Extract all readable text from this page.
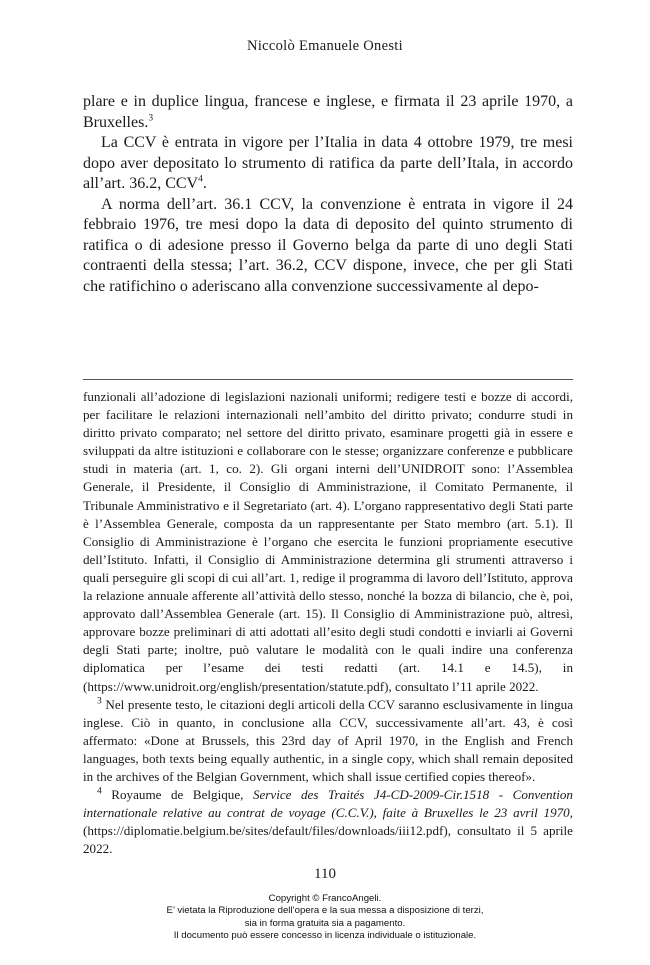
Niccolò Emanuele Onesti

plare e in duplice lingua, francese e inglese, e firmata il 23 aprile 1970, a Bruxelles.$^3$

La CCV è entrata in vigore per l’Italia in data 4 ottobre 1979, tre mesi dopo aver depositato lo strumento di ratifica da parte dell’Itala, in accordo all’art. 36.2, CCV$^4$.

A norma dell’art. 36.1 CCV, la convenzione è entrata in vigore il 24 febbraio 1976, tre mesi dopo la data di deposito del quinto strumento di ratifica o di adesione presso il Governo belga da parte di uno degli Stati contraenti della stessa; l’art. 36.2, CCV dispone, invece, che per gli Stati che ratifichino o aderiscano alla convenzione successivamente al depo-

funzionali all’adozione di legislazioni nazionali uniformi; redigere testi e bozze di accordi, per facilitare le relazioni internazionali nell’ambito del diritto privato; condurre studi in diritto privato comparato; nel settore del diritto privato, esaminare progetti già in essere e sviluppati da altre istituzioni e collaborare con le stesse; organizzare conferenze e pubblicare studi in materia (art. 1, co. 2). Gli organi interni dell’UNIDROIT sono: l’Assemblea Generale, il Presidente, il Consiglio di Amministrazione, il Comitato Permanente, il Tribunale Amministrativo e il Segretariato (art. 4). L’organo rappresentativo degli Stati parte è l’Assemblea Generale, composta da un rappresentante per Stato membro (art. 5.1). Il Consiglio di Amministrazione è l’organo che esercita le funzioni propriamente esecutive dell’Istituto. Infatti, il Consiglio di Amministrazione determina gli strumenti attraverso i quali perseguire gli scopi di cui all’art. 1, redige il programma di lavoro dell’Istituto, approva la relazione annuale afferente all’attività dello stesso, nonché la bozza di bilancio, che è, poi, approvato dall’Assemblea Generale (art. 15). Il Consiglio di Amministrazione può, altresì, approvare bozze preliminari di atti adottati all’esito degli studi condotti e inviarli ai Governi degli Stati parte; inoltre, può valutare le modalità con le quali indire una conferenza diplomatica per l’esame dei testi redatti (art. 14.1 e 14.5), in (https://www.unidroit.org/english/presentation/statute.pdf), consultato l’11 aprile 2022.

$^3$ Nel presente testo, le citazioni degli articoli della CCV saranno esclusivamente in lingua inglese. Ciò in quanto, in conclusione alla CCV, successivamente all’art. 43, è così affermato: «Done at Brussels, this 23rd day of April 1970, in the English and French languages, both texts being equally authentic, in a single copy, which shall remain deposited in the archives of the Belgian Government, which shall issue certified copies thereof».

$^4$ Royaume de Belgique, Service des Traités J4-CD-2009-Cir.1518 - Convention internationale relative au contrat de voyage (C.C.V.), faite à Bruxelles le 23 avril 1970, (https://diplomatie.belgium.be/sites/default/files/downloads/iii12.pdf), consultato il 5 aprile 2022.

110
Copyright © FrancoAngeli.
E’ vietata la Riproduzione dell’opera e la sua messa a disposizione di terzi,
sia in forma gratuita sia a pagamento.
Il documento può essere concesso in licenza individuale o istituzionale.
